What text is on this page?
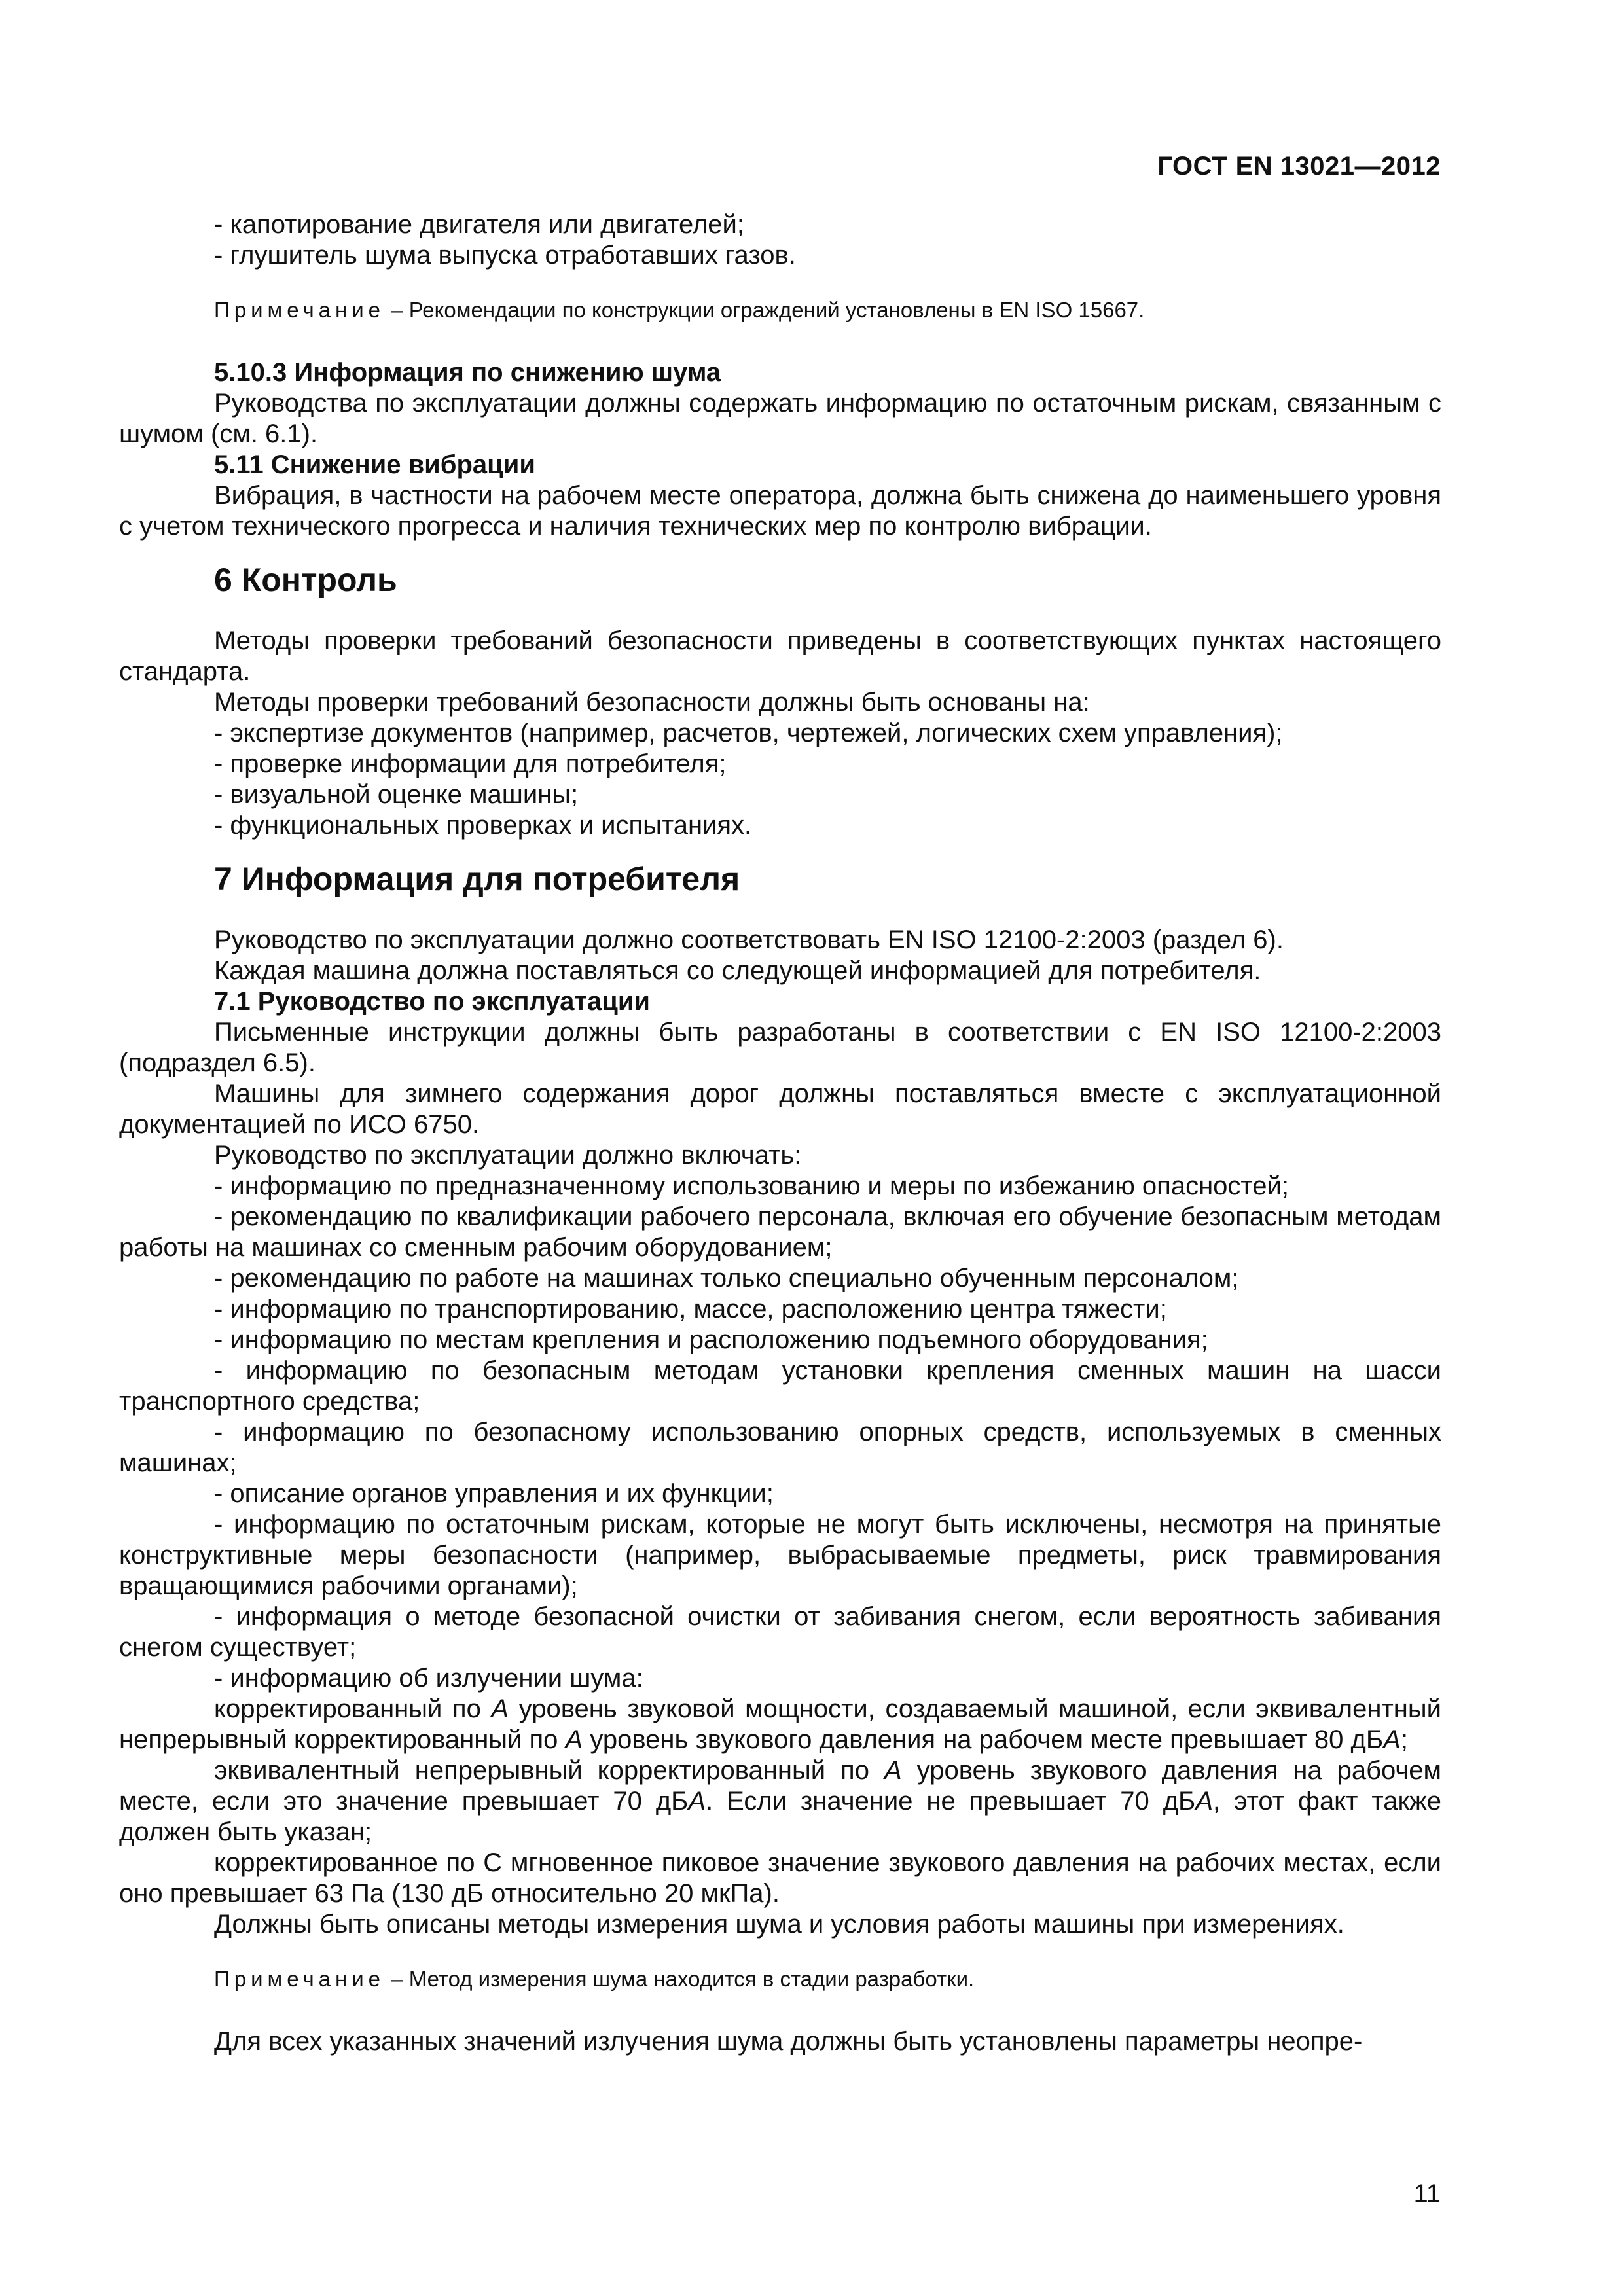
ГОСТ EN 13021—2012

- капотирование двигателя или двигателей;

- глушитель шума выпуска отработавших газов.

Примечание – Рекомендации по конструкции ограждений установлены в EN ISO 15667.

5.10.3 Информация по снижению шума

Руководства по эксплуатации должны содержать информацию по остаточным рискам, связанным с шумом (см. 6.1).

5.11 Снижение вибрации

Вибрация, в частности на рабочем месте оператора, должна быть снижена до наименьшего уровня с учетом технического прогресса и наличия технических мер по контролю вибрации.

6 Контроль

Методы проверки требований безопасности приведены в соответствующих пунктах настоящего стандарта.

Методы проверки требований безопасности должны быть основаны на:

- экспертизе документов (например, расчетов, чертежей, логических схем управления);

- проверке информации для потребителя;

- визуальной оценке машины;

- функциональных проверках и испытаниях.

7 Информация для потребителя

Руководство по эксплуатации должно соответствовать EN ISO 12100-2:2003 (раздел 6).

Каждая машина должна поставляться со следующей информацией для потребителя.

7.1 Руководство по эксплуатации

Письменные инструкции должны быть разработаны в соответствии с EN ISO 12100-2:2003 (подраздел 6.5).

Машины для зимнего содержания дорог должны поставляться вместе с эксплуатационной документацией по ИСО 6750.

Руководство по эксплуатации должно включать:

- информацию по предназначенному использованию и меры по избежанию опасностей;

- рекомендацию по квалификации рабочего персонала, включая его обучение безопасным методам работы на машинах со сменным рабочим оборудованием;

- рекомендацию по работе на машинах только специально обученным персоналом;

- информацию по транспортированию, массе, расположению центра тяжести;

- информацию по местам крепления и расположению подъемного оборудования;

- информацию по безопасным методам установки крепления сменных машин на шасси транспортного средства;

- информацию по безопасному использованию опорных средств, используемых в сменных машинах;

- описание органов управления и их функции;

- информацию по остаточным рискам, которые не могут быть исключены, несмотря на принятые конструктивные меры безопасности (например, выбрасываемые предметы, риск травмирования вращающимися рабочими органами);

- информация о методе безопасной очистки от забивания снегом, если вероятность забивания снегом существует;

- информацию об излучении шума:

корректированный по А уровень звуковой мощности, создаваемый машиной, если эквивалентный непрерывный корректированный по А уровень звукового давления на рабочем месте превышает 80 дБА;

эквивалентный непрерывный корректированный по А уровень звукового давления на рабочем месте, если это значение превышает 70 дБА. Если значение не превышает 70 дБА, этот факт также должен быть указан;

корректированное по С мгновенное пиковое значение звукового давления на рабочих местах, если оно превышает 63 Па (130 дБ относительно 20 мкПа).

Должны быть описаны методы измерения шума и условия работы машины при измерениях.

Примечание – Метод измерения шума находится в стадии разработки.

Для всех указанных значений излучения шума должны быть установлены параметры неопре-

11
